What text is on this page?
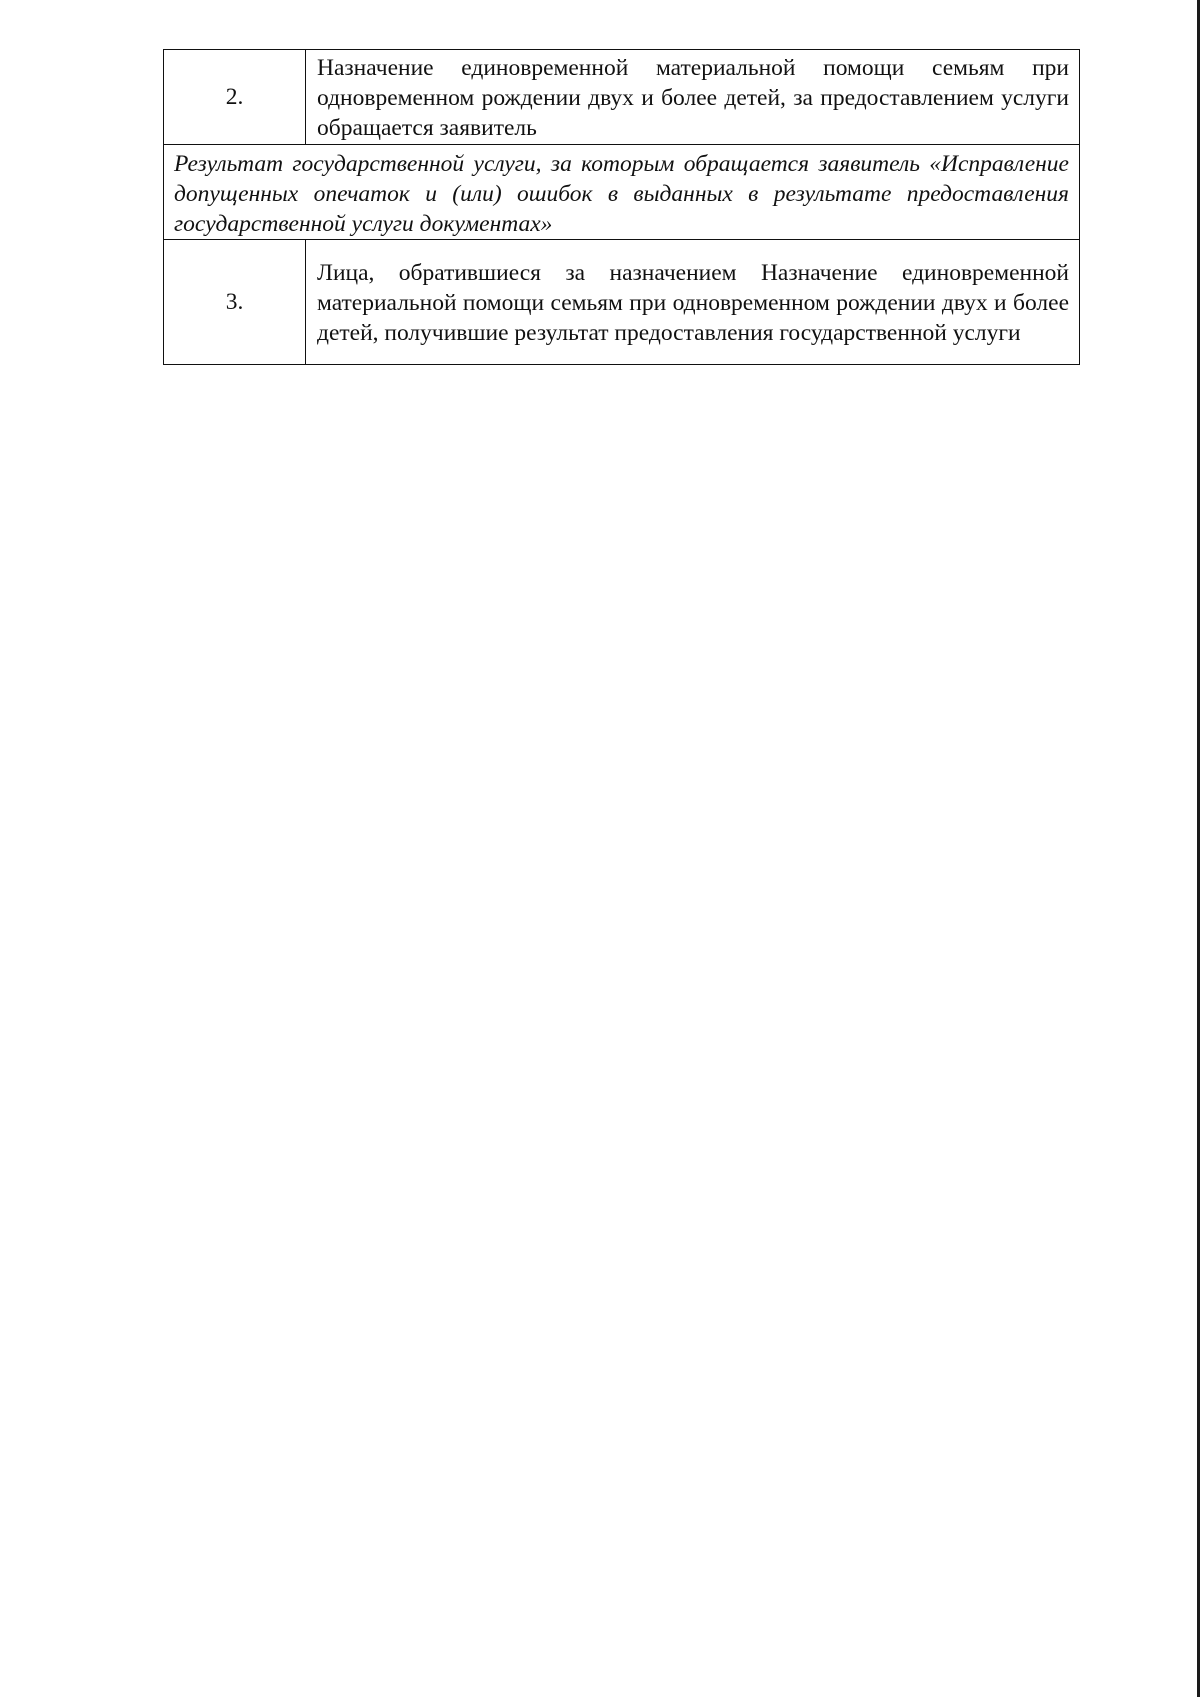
2.	Назначение единовременной материальной помощи семьям при одновременном рождении двух и более детей, за предоставлением услуги обращается заявитель
Результат государственной услуги, за которым обращается заявитель «Исправление допущенных опечаток и (или) ошибок в выданных в результате предоставления государственной услуги документах»	
3.	Лица, обратившиеся за назначением Назначение единовременной материальной помощи семьям при одновременном рождении двух и более детей, получившие результат предоставления государственной услуги
